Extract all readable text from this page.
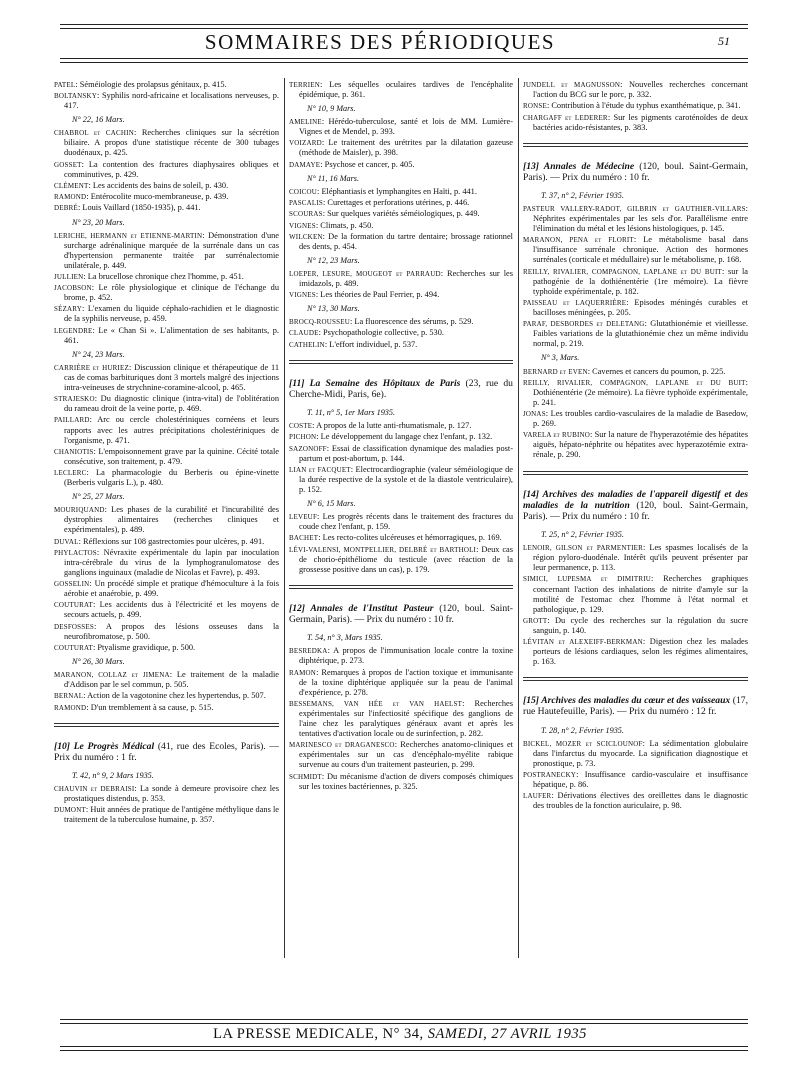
SOMMAIRES DES PÉRIODIQUES	51
PATEL: Séméiologie des prolapsus génitaux, p. 415.
BOLTANSKY: Syphilis nord-africaine et localisations nerveuses, p. 417.
N° 22, 16 Mars.
CHABROL et CACHIN: Recherches cliniques sur la sécrétion biliaire. A propos d'une statistique récente de 300 tubages duodénaux, p. 425.
GOSSET: La contention des fractures diaphysaires obliques et comminutives, p. 429.
CLÉMENT: Les accidents des bains de soleil, p. 430.
RAMOND: Entérocolite muco-membraneuse, p. 439.
DEBRÉ: Louis Vaillard (1850-1935), p. 441.
N° 23, 20 Mars.
LERICHE, HERMANN et ETIENNE-MARTIN: Démonstration d'une surcharge adrénalinique marquée de la surrénale dans un cas d'hypertension permanente traitée par surrénalectomie unilatérale, p. 449.
JULLIEN: La brucellose chronique chez l'homme, p. 451.
JACOBSON: Le rôle physiologique et clinique de l'échange du brome, p. 452.
SÉZARY: L'examen du liquide céphalo-rachidien et le diagnostic de la syphilis nerveuse, p. 459.
LEGENDRE: Le « Chan Si ». L'alimentation de ses habitants, p. 461.
N° 24, 23 Mars.
CARRIÈRE et HURIEZ: Discussion clinique et thérapeutique de 11 cas de comas barbituriques dont 3 mortels malgré des injections intra-veineuses de strychnine-coramine-alcool, p. 465.
STRAJESKO: Du diagnostic clinique (intra-vital) de l'oblitération du rameau droit de la veine porte, p. 469.
PAILLARD: Arc ou cercle cholestériniques cornéens et leurs rapports avec les autres précipitations cholestériniques de l'organisme, p. 471.
CHANIOTIS: L'empoisonnement grave par la quinine. Cécité totale consécutive, son traitement, p. 479.
LECLERC: La pharmacologie du Berberis ou épine-vinette (Berberis vulgaris L.), p. 480.
N° 25, 27 Mars.
MOURIQUAND: Les phases de la curabilité et l'incurabilité des dystrophies alimentaires (recherches cliniques et expérimentales), p. 489.
DUVAL: Réflexions sur 108 gastrectomies pour ulcères, p. 491.
PHYLACTOS: Névraxite expérimentale du lapin par inoculation intra-cérébrale du virus de la lymphogranulomatose des ganglions inguinaux (maladie de Nicolas et Favre), p. 493.
GOSSELIN: Un procédé simple et pratique d'hémoculture à la fois aérobie et anaérobie, p. 499.
COUTURAT: Les accidents dus à l'électricité et les moyens de secours actuels, p. 499.
DESFOSSES: A propos des lésions osseuses dans la neurofibromatose, p. 500.
COUTURAT: Ptyalisme gravidique, p. 500.
N° 26, 30 Mars.
MARANON, COLLAZ et JIMENA: Le traitement de la maladie d'Addison par le sel commun, p. 505.
BERNAL: Action de la vagotonine chez les hypertendus, p. 507.
RAMOND: D'un tremblement à sa cause, p. 515.
[10] Le Progrès Médical (41, rue des Ecoles, Paris). — Prix du numéro : 1 fr.
T. 42, n° 9, 2 Mars 1935.
CHAUVIN et DEBRAISI: La sonde à demeure provisoire chez les prostatiques distendus, p. 353.
DUMONT: Huit années de pratique de l'antigène méthylique dans le traitement de la tuberculose humaine, p. 357.
TERRIEN: Les séquelles oculaires tardives de l'encéphalite épidémique, p. 361.
N° 10, 9 Mars.
AMELINE: Hérédo-tuberculose, santé et lois de MM. Lumière-Vignes et de Mendel, p. 393.
VOIZARD: Le traitement des urétrites par la dilatation gazeuse (méthode de Maisler), p. 398.
DAMAYE: Psychose et cancer, p. 405.
N° 11, 16 Mars.
COICOU: Eléphantiasis et lymphangites en Haïti, p. 441.
PASCALIS: Curettages et perforations utérines, p. 446.
SCOURAS: Sur quelques variétés séméiologiques, p. 449.
VIGNES: Climats, p. 450.
WILCKEN: De la formation du tartre dentaire; brossage rationnel des dents, p. 454.
N° 12, 23 Mars.
LOEPER, LESURE, MOUGEOT et PARRAUD: Recherches sur les imidazols, p. 489.
VIGNES: Les théories de Paul Ferrier, p. 494.
N° 13, 30 Mars.
BROCQ-ROUSSEU: La fluorescence des sérums, p. 529.
CLAUDE: Psychopathologie collective, p. 530.
CATHELIN: L'effort individuel, p. 537.
[11] La Semaine des Hôpitaux de Paris (23, rue du Cherche-Midi, Paris, 6e).
T. 11, n° 5, 1er Mars 1935.
COSTE: A propos de la lutte anti-rhumatismale, p. 127.
PICHON: Le développement du langage chez l'enfant, p. 132.
SAZONOFF: Essai de classification dynamique des maladies post-partum et post-abortum, p. 144.
LIAN et FACQUET: Electrocardiographie (valeur séméiologique de la durée respective de la systole et de la diastole ventriculaire), p. 152.
N° 6, 15 Mars.
LEVEUF: Les progrès récents dans le traitement des fractures du coude chez l'enfant, p. 159.
BACHET: Les recto-colites ulcéreuses et hémorragiques, p. 169.
LÉVI-VALENSI, MONTPELLIER, DELBRÉ et BARTHOLI: Deux cas de chorio-épithéliome du testicule (avec réaction de la grossesse positive dans un cas), p. 179.
[12] Annales de l'Institut Pasteur (120, boul. Saint-Germain, Paris). — Prix du numéro : 10 fr.
T. 54, n° 3, Mars 1935.
BESREDKA: A propos de l'immunisation locale contre la toxine diphtérique, p. 273.
RAMON: Remarques à propos de l'action toxique et immunisante de la toxine diphtérique appliquée sur la peau de l'animal d'expérience, p. 278.
BESSEMANS, VAN HÉE et VAN HAELST: Recherches expérimentales sur l'infectiosité spécifique des ganglions de l'aine chez les paralytiques généraux avant et après les tentatives d'activation locale ou de surinfection, p. 282.
MARINESCO et DRAGANESCO: Recherches anatomo-cliniques et expérimentales sur un cas d'encéphalo-myélite rabique survenue au cours d'un traitement pasteurien, p. 299.
SCHMIDT: Du mécanisme d'action de divers composés chimiques sur les toxines bactériennes, p. 325.
JUNDELL et MAGNUSSON: Nouvelles recherches concernant l'action du BCG sur le porc, p. 332.
RONSE: Contribution à l'étude du typhus exanthématique, p. 341.
CHARGAFF et LEDERER: Sur les pigments caroténoïdes de deux bactéries acido-résistantes, p. 383.
[13] Annales de Médecine (120, boul. Saint-Germain, Paris). — Prix du numéro : 10 fr.
T. 37, n° 2, Février 1935.
PASTEUR VALLERY-RADOT, GILBRIN et GAUTHIER-VILLARS: Néphrites expérimentales par les sels d'or. Parallélisme entre l'élimination du métal et les lésions histologiques, p. 145.
MARANON, PENA et FLORIT: Le métabolisme basal dans l'insuffisance surrénale chronique. Action des hormones surrénales (corticale et médullaire) sur le métabolisme, p. 168.
REILLY, RIVALIER, COMPAGNON, LAPLANE et DU BUIT: sur la pathogénie de la dothiénentérie (1re mémoire). La fièvre typhoïde expérimentale, p. 182.
PAISSEAU et LAQUERRIÈRE: Episodes méningés curables et bacilloses méningées, p. 205.
PARAF, DESBORDES et DELETANG: Glutathionémie et vieillesse. Faibles variations de la glutathionémie chez un même individu normal, p. 219.
N° 3, Mars.
BERNARD et EVEN: Cavernes et cancers du poumon, p. 225.
REILLY, RIVALIER, COMPAGNON, LAPLANE et DU BUIT: Dothiénentérie (2e mémoire). La fièvre typhoïde expérimentale, p. 241.
JONAS: Les troubles cardio-vasculaires de la maladie de Basedow, p. 269.
VARELA et RUBINO: Sur la nature de l'hyperazotémie des hépatites aiguës, hépato-néphrite ou hépatites avec hyperazotémie extra-rénale, p. 290.
[14] Archives des maladies de l'appareil digestif et des maladies de la nutrition (120, boul. Saint-Germain, Paris). — Prix du numéro : 10 fr.
T. 25, n° 2, Février 1935.
LENOIR, GILSON et PARMENTIER: Les spasmes localisés de la région pyloro-duodénale. Intérêt qu'ils peuvent présenter par leur permanence, p. 113.
SIMICI, LUPESMA et DIMITRIU: Recherches graphiques concernant l'action des inhalations de nitrite d'amyle sur la motilité de l'estomac chez l'homme à l'état normal et pathologique, p. 129.
GROTT: Du cycle des recherches sur la régulation du sucre sanguin, p. 140.
LÉVITAN et ALEXEIFF-BERKMAN: Digestion chez les malades porteurs de lésions cardiaques, selon les régimes alimentaires, p. 163.
[15] Archives des maladies du cœur et des vaisseaux (17, rue Hautefeuille, Paris). — Prix du numéro : 12 fr.
T. 28, n° 2, Février 1935.
BICKEL, MOZER et SCICLOUNOF: La sédimentation globulaire dans l'infarctus du myocarde. La signification diagnostique et pronostique, p. 73.
POSTRANECKY: Insuffisance cardio-vasculaire et insuffisance hépatique, p. 86.
LAUFER: Dérivations électives des oreillettes dans le diagnostic des troubles de la fonction auriculaire, p. 98.
LA PRESSE MEDICALE, N° 34, SAMEDI, 27 AVRIL 1935
